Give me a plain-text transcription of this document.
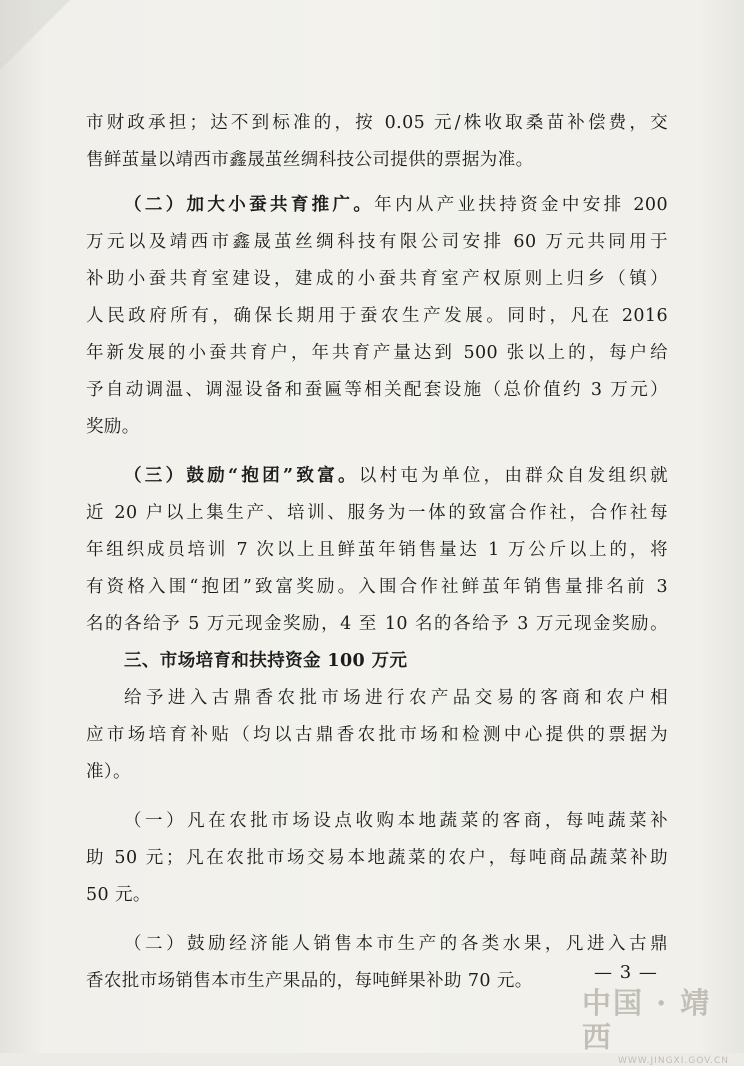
市财政承担；达不到标准的，按 0.05 元/株收取桑苗补偿费，交
售鲜茧量以靖西市鑫晟茧丝绸科技公司提供的票据为准。
（二）加大小蚕共育推广。年内从产业扶持资金中安排 200
万元以及靖西市鑫晟茧丝绸科技有限公司安排 60 万元共同用于
补助小蚕共育室建设，建成的小蚕共育室产权原则上归乡（镇）
人民政府所有，确保长期用于蚕农生产发展。同时，凡在 2016
年新发展的小蚕共育户，年共育产量达到 500 张以上的，每户给
予自动调温、调湿设备和蚕匾等相关配套设施（总价值约 3 万元）
奖励。
（三）鼓励“抱团”致富。以村屯为单位，由群众自发组织就
近 20 户以上集生产、培训、服务为一体的致富合作社，合作社每
年组织成员培训 7 次以上且鲜茧年销售量达 1 万公斤以上的，将
有资格入围“抱团”致富奖励。入围合作社鲜茧年销售量排名前 3
名的各给予 5 万元现金奖励，4 至 10 名的各给予 3 万元现金奖励。
三、市场培育和扶持资金 100 万元
给予进入古鼎香农批市场进行农产品交易的客商和农户相
应市场培育补贴（均以古鼎香农批市场和检测中心提供的票据为
准）。
（一）凡在农批市场设点收购本地蔬菜的客商，每吨蔬菜补
助 50 元；凡在农批市场交易本地蔬菜的农户，每吨商品蔬菜补助
50 元。
（二）鼓励经济能人销售本市生产的各类水果，凡进入古鼎
香农批市场销售本市生产果品的，每吨鲜果补助 70 元。	— 3 —
中国 · 靖西
WWW.JINGXI.GOV.CN
